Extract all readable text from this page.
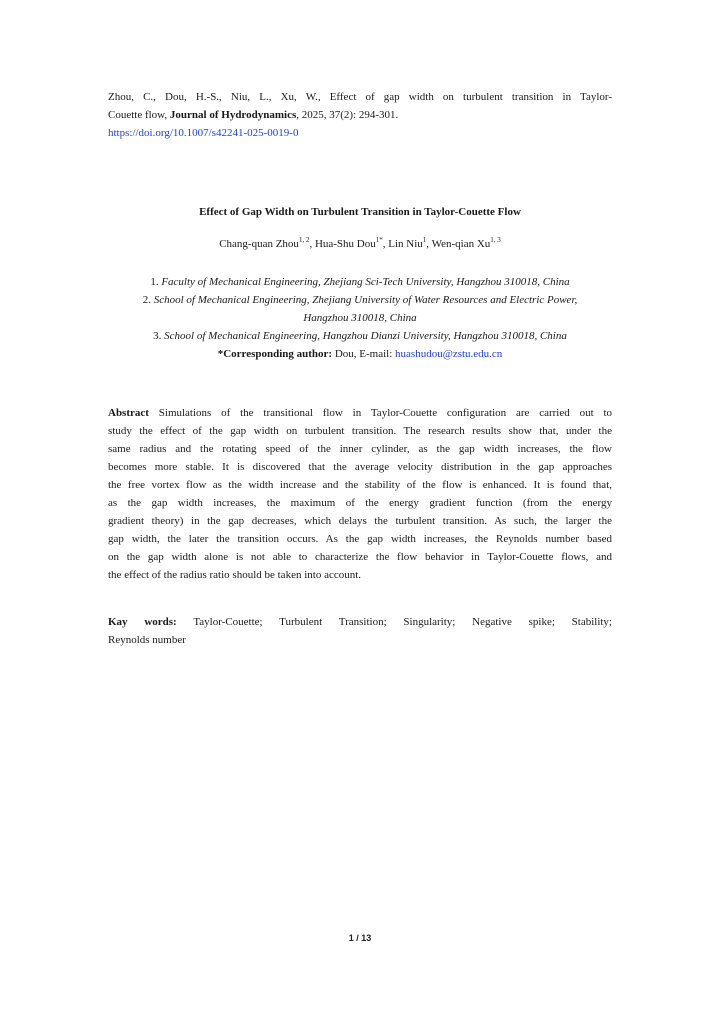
Zhou, C., Dou, H.-S., Niu, L., Xu, W., Effect of gap width on turbulent transition in Taylor-
Couette flow, Journal of Hydrodynamics, 2025, 37(2): 294-301.
https://doi.org/10.1007/s42241-025-0019-0
Effect of Gap Width on Turbulent Transition in Taylor-Couette Flow
Chang-quan Zhou$^{1, 2}$, Hua-Shu Dou$^{1*}$, Lin Niu$^1$, Wen-qian Xu$^{1, 3}$
1. Faculty of Mechanical Engineering, Zhejiang Sci-Tech University, Hangzhou 310018, China
2. School of Mechanical Engineering, Zhejiang University of Water Resources and Electric Power,
Hangzhou 310018, China
3. School of Mechanical Engineering, Hangzhou Dianzi University, Hangzhou 310018, China
*Corresponding author: Dou, E-mail: huashudou@zstu.edu.cn
Abstract Simulations of the transitional flow in Taylor-Couette configuration are carried out to
study the effect of the gap width on turbulent transition. The research results show that, under the
same radius and the rotating speed of the inner cylinder, as the gap width increases, the flow
becomes more stable. It is discovered that the average velocity distribution in the gap approaches
the free vortex flow as the width increase and the stability of the flow is enhanced. It is found that,
as the gap width increases, the maximum of the energy gradient function (from the energy
gradient theory) in the gap decreases, which delays the turbulent transition. As such, the larger the
gap width, the later the transition occurs. As the gap width increases, the Reynolds number based
on the gap width alone is not able to characterize the flow behavior in Taylor-Couette flows, and
the effect of the radius ratio should be taken into account.
Kay words: Taylor-Couette; Turbulent Transition; Singularity; Negative spike; Stability;
Reynolds number
1 / 13
